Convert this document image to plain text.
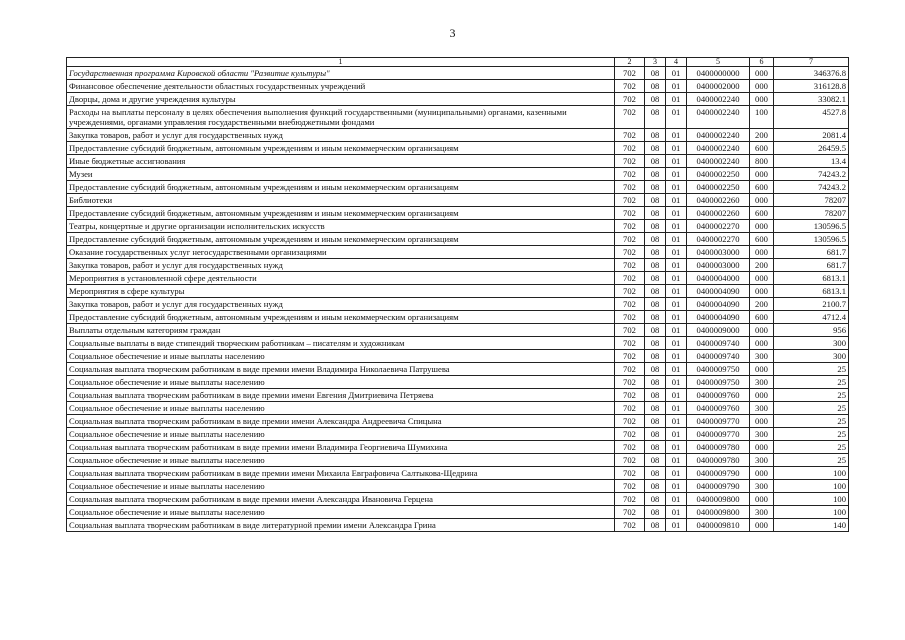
3
1	2	3	4	5	6	7
Государственная программа Кировской области "Развитие культуры"	702	08	01	0400000000	000	346376.8
Финансовое обеспечение деятельности областных государственных учреждений	702	08	01	0400002000	000	316128.8
Дворцы, дома и другие учреждения культуры	702	08	01	0400002240	000	33082.1
Расходы на выплаты персоналу в целях обеспечения выполнения функций государственными (муниципальными) органами, казенными учреждениями, органами управления государственными внебюджетными фондами	702	08	01	0400002240	100	4527.8
Закупка товаров, работ и услуг для государственных нужд	702	08	01	0400002240	200	2081.4
Предоставление субсидий бюджетным, автономным учреждениям и иным некоммерческим организациям	702	08	01	0400002240	600	26459.5
Иные бюджетные ассигнования	702	08	01	0400002240	800	13.4
Музеи	702	08	01	0400002250	000	74243.2
Предоставление субсидий бюджетным, автономным учреждениям и иным некоммерческим организациям	702	08	01	0400002250	600	74243.2
Библиотеки	702	08	01	0400002260	000	78207
Предоставление субсидий бюджетным, автономным учреждениям и иным некоммерческим организациям	702	08	01	0400002260	600	78207
Театры, концертные и другие организации исполнительских искусств	702	08	01	0400002270	000	130596.5
Предоставление субсидий бюджетным, автономным учреждениям и иным некоммерческим организациям	702	08	01	0400002270	600	130596.5
Оказание государственных услуг негосударственными организациями	702	08	01	0400003000	000	681.7
Закупка товаров, работ и услуг для государственных нужд	702	08	01	0400003000	200	681.7
Мероприятия в установленной сфере деятельности	702	08	01	0400004000	000	6813.1
Мероприятия в сфере культуры	702	08	01	0400004090	000	6813.1
Закупка товаров, работ и услуг для государственных нужд	702	08	01	0400004090	200	2100.7
Предоставление субсидий бюджетным, автономным учреждениям и иным некоммерческим организациям	702	08	01	0400004090	600	4712.4
Выплаты отдельным категориям граждан	702	08	01	0400009000	000	956
Социальные выплаты в виде стипендий творческим работникам – писателям и художникам	702	08	01	0400009740	000	300
Социальное обеспечение и иные выплаты населению	702	08	01	0400009740	300	300
Социальная выплата творческим работникам в виде премии имени Владимира Николаевича Патрушева	702	08	01	0400009750	000	25
Социальное обеспечение и иные выплаты населению	702	08	01	0400009750	300	25
Социальная выплата творческим работникам в виде премии имени Евгения Дмитриевича Петряева	702	08	01	0400009760	000	25
Социальное обеспечение и иные выплаты населению	702	08	01	0400009760	300	25
Социальная выплата творческим работникам в виде премии имени Александра Андреевича Спицына	702	08	01	0400009770	000	25
Социальное обеспечение и иные выплаты населению	702	08	01	0400009770	300	25
Социальная выплата творческим работникам в виде премии имени Владимира Георгиевича Шумихина	702	08	01	0400009780	000	25
Социальное обеспечение и иные выплаты населению	702	08	01	0400009780	300	25
Социальная выплата творческим работникам в виде премии имени Михаила Евграфовича Салтыкова-Щедрина	702	08	01	0400009790	000	100
Социальное обеспечение и иные выплаты населению	702	08	01	0400009790	300	100
Социальная выплата творческим работникам в виде премии имени Александра Ивановича Герцена	702	08	01	0400009800	000	100
Социальное обеспечение и иные выплаты населению	702	08	01	0400009800	300	100
Социальная выплата творческим работникам в виде литературной премии имени Александра Грина	702	08	01	0400009810	000	140
